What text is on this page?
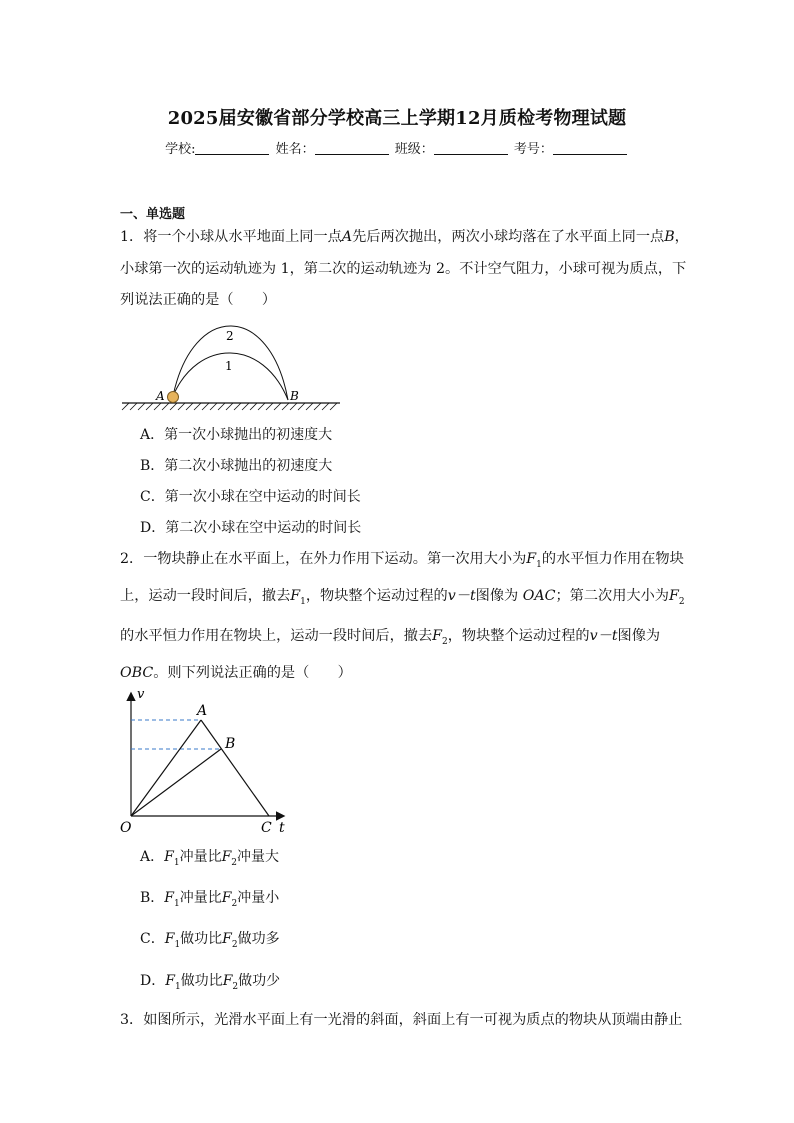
2025届安徽省部分学校高三上学期12月质检考物理试题
学校:	姓名：	班级：	考号：
一、单选题
1．将一个小球从水平地面上同一点A先后两次抛出，两次小球均落在了水平面上同一点B，
小球第一次的运动轨迹为 1，第二次的运动轨迹为 2。不计空气阻力，小球可视为质点，下
列说法正确的是（　　）
A	B
2
1
A．第一次小球抛出的初速度大
B．第二次小球抛出的初速度大
C．第一次小球在空中运动的时间长
D．第二次小球在空中运动的时间长
2．一物块静止在水平面上，在外力作用下运动。第一次用大小为$F_1$的水平恒力作用在物块
上，运动一段时间后，撤去$F_1$，物块整个运动过程的v－t图像为 OAC；第二次用大小为$F_2$
的水平恒力作用在物块上，运动一段时间后，撤去$F_2$，物块整个运动过程的v－t图像为
OBC。则下列说法正确的是（　　）
v
t
O
A
B
C
A．$F_1$冲量比$F_2$冲量大
B．$F_1$冲量比$F_2$冲量小
C．$F_1$做功比$F_2$做功多
D．$F_1$做功比$F_2$做功少
3．如图所示，光滑水平面上有一光滑的斜面，斜面上有一可视为质点的物块从顶端由静止
